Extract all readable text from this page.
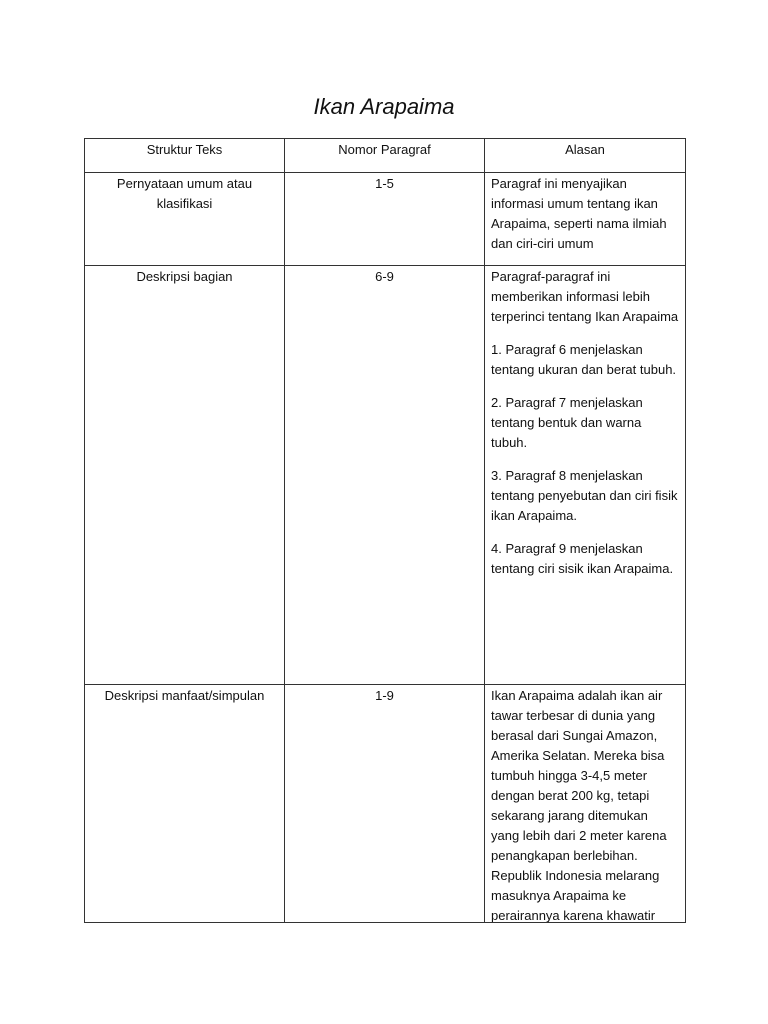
Ikan Arapaima
Struktur Teks	Nomor Paragraf	Alasan

Pernyataan umum atau klasifikasi	1-5	Paragraf ini menyajikan informasi umum tentang ikan Arapaima, seperti nama ilmiah dan ciri-ciri umum

Deskripsi bagian	6-9	Paragraf-paragraf ini memberikan informasi lebih terperinci tentang Ikan Arapaima

1. Paragraf 6 menjelaskan tentang ukuran dan berat tubuh.

2. Paragraf 7 menjelaskan tentang bentuk dan warna tubuh.

3. Paragraf 8 menjelaskan tentang penyebutan dan ciri fisik ikan Arapaima.

4. Paragraf 9 menjelaskan tentang ciri sisik ikan Arapaima.

Deskripsi manfaat/simpulan	1-9	Ikan Arapaima adalah ikan air tawar terbesar di dunia yang berasal dari Sungai Amazon, Amerika Selatan. Mereka bisa tumbuh hingga 3-4,5 meter dengan berat 200 kg, tetapi sekarang jarang ditemukan yang lebih dari 2 meter karena penangkapan berlebihan. Republik Indonesia melarang masuknya Arapaima ke perairannya karena khawatir
